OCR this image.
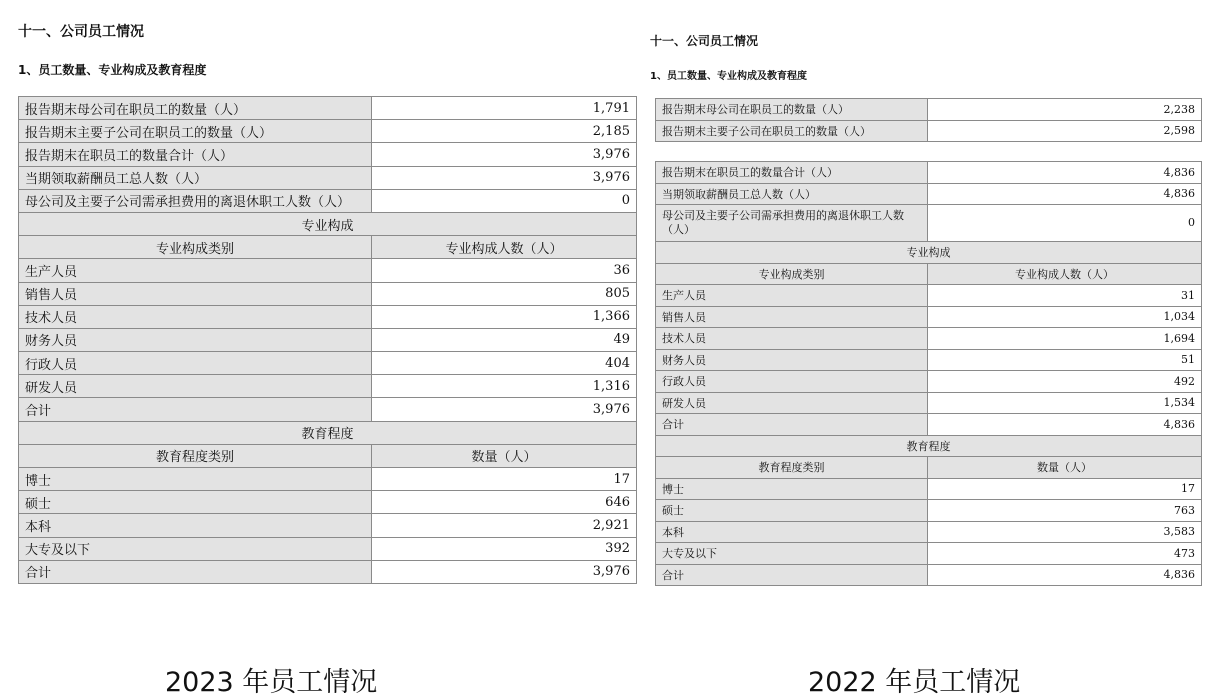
十一、公司员工情况
1、员工数量、专业构成及教育程度
报告期末母公司在职员工的数量（人）	1,791
报告期末主要子公司在职员工的数量（人）	2,185
报告期末在职员工的数量合计（人）	3,976
当期领取薪酬员工总人数（人）	3,976
母公司及主要子公司需承担费用的离退休职工人数（人）	0
专业构成	
专业构成类别	专业构成人数（人）
生产人员	36
销售人员	805
技术人员	1,366
财务人员	49
行政人员	404
研发人员	1,316
合计	3,976
教育程度	
教育程度类别	数量（人）
博士	17
硕士	646
本科	2,921
大专及以下	392
合计	3,976
十一、公司员工情况
1、员工数量、专业构成及教育程度
报告期末母公司在职员工的数量（人）	2,238
报告期末主要子公司在职员工的数量（人）	2,598
报告期末在职员工的数量合计（人）	4,836
当期领取薪酬员工总人数（人）	4,836
母公司及主要子公司需承担费用的离退休职工人数（人）	0
专业构成	
专业构成类别	专业构成人数（人）
生产人员	31
销售人员	1,034
技术人员	1,694
财务人员	51
行政人员	492
研发人员	1,534
合计	4,836
教育程度	
教育程度类别	数量（人）
博士	17
硕士	763
本科	3,583
大专及以下	473
合计	4,836
2023 年员工情况	2022 年员工情况
